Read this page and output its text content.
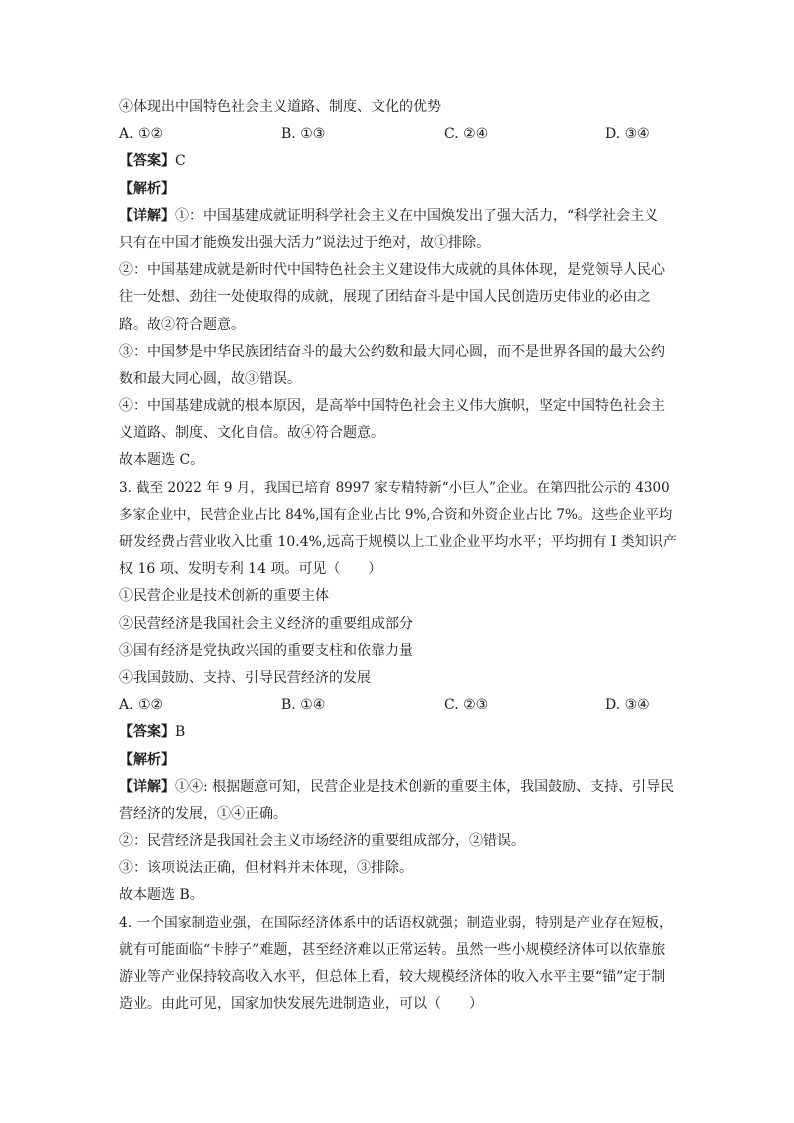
④体现出中国特色社会主义道路、制度、文化的优势
A. ①②	B. ①③	C. ②④	D. ③④
【答案】C
【解析】
【详解】①：中国基建成就证明科学社会主义在中国焕发出了强大活力，“科学社会主义
只有在中国才能焕发出强大活力”说法过于绝对，故①排除。
②：中国基建成就是新时代中国特色社会主义建设伟大成就的具体体现，是党领导人民心
往一处想、劲往一处使取得的成就，展现了团结奋斗是中国人民创造历史伟业的必由之
路。故②符合题意。
③：中国梦是中华民族团结奋斗的最大公约数和最大同心圆，而不是世界各国的最大公约
数和最大同心圆，故③错误。
④：中国基建成就的根本原因，是高举中国特色社会主义伟大旗帜，坚定中国特色社会主
义道路、制度、文化自信。故④符合题意。
故本题选 C。
3. 截至 2022 年 9 月，我国已培育 8997 家专精特新“小巨人”企业。在第四批公示的 4300
多家企业中，民营企业占比 84%,国有企业占比 9%,合资和外资企业占比 7%。这些企业平均
研发经费占营业收入比重 10.4%,远高于规模以上工业企业平均水平；平均拥有 I 类知识产
权 16 项、发明专利 14 项。可见（　　）
①民营企业是技术创新的重要主体
②民营经济是我国社会主义经济的重要组成部分
③国有经济是党执政兴国的重要支柱和依靠力量
④我国鼓励、支持、引导民营经济的发展
A. ①②	B. ①④	C. ②③	D. ③④
【答案】B
【解析】
【详解】①④: 根据题意可知，民营企业是技术创新的重要主体，我国鼓励、支持、引导民
营经济的发展，①④正确。
②：民营经济是我国社会主义市场经济的重要组成部分，②错误。
③：该项说法正确，但材料并未体现，③排除。
故本题选 B。
4. 一个国家制造业强，在国际经济体系中的话语权就强；制造业弱，特别是产业存在短板，
就有可能面临“卡脖子”难题，甚至经济难以正常运转。虽然一些小规模经济体可以依靠旅
游业等产业保持较高收入水平，但总体上看，较大规模经济体的收入水平主要“锚”定于制
造业。由此可见，国家加快发展先进制造业，可以（　　）
